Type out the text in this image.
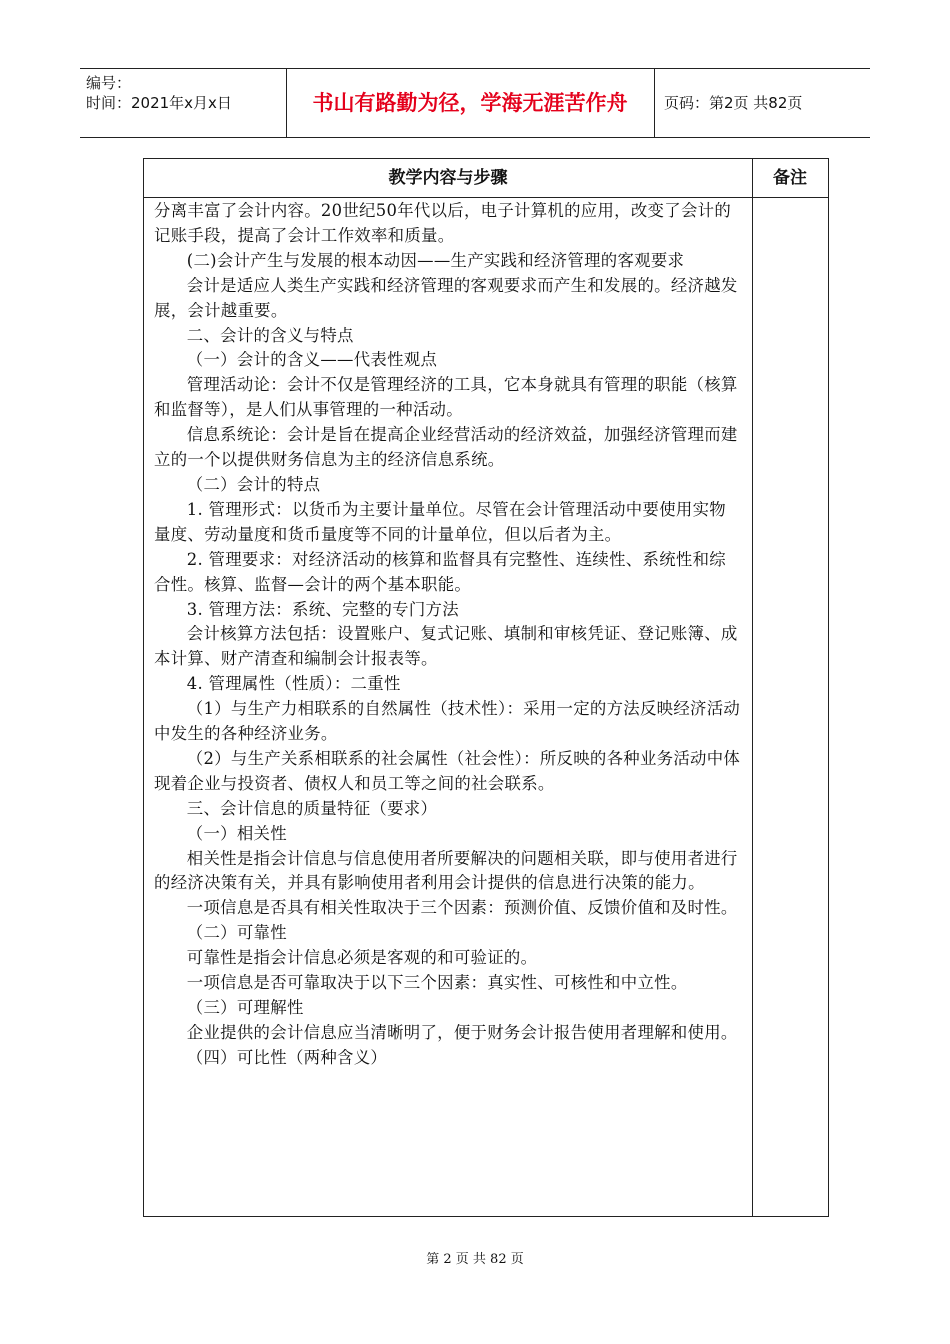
编号：
时间：2021年x月x日	书山有路勤为径，学海无涯苦作舟	页码：第2页 共82页
教学内容与步骤	备注

分离丰富了会计内容。20世纪50年代以后，电子计算机的应用，改变了会计的记账手段，提高了会计工作效率和质量。

(二)会计产生与发展的根本动因——生产实践和经济管理的客观要求

会计是适应人类生产实践和经济管理的客观要求而产生和发展的。经济越发展，会计越重要。

二、会计的含义与特点

（一）会计的含义——代表性观点

管理活动论：会计不仅是管理经济的工具，它本身就具有管理的职能（核算和监督等），是人们从事管理的一种活动。

信息系统论：会计是旨在提高企业经营活动的经济效益，加强经济管理而建立的一个以提供财务信息为主的经济信息系统。

（二）会计的特点

1. 管理形式：以货币为主要计量单位。尽管在会计管理活动中要使用实物量度、劳动量度和货币量度等不同的计量单位，但以后者为主。

2. 管理要求：对经济活动的核算和监督具有完整性、连续性、系统性和综合性。核算、监督—会计的两个基本职能。

3. 管理方法：系统、完整的专门方法

会计核算方法包括：设置账户、复式记账、填制和审核凭证、登记账簿、成本计算、财产清查和编制会计报表等。

4. 管理属性（性质）：二重性

（1）与生产力相联系的自然属性（技术性）：采用一定的方法反映经济活动中发生的各种经济业务。

（2）与生产关系相联系的社会属性（社会性）：所反映的各种业务活动中体现着企业与投资者、债权人和员工等之间的社会联系。

三、会计信息的质量特征（要求）

（一）相关性

相关性是指会计信息与信息使用者所要解决的问题相关联，即与使用者进行的经济决策有关，并具有影响使用者利用会计提供的信息进行决策的能力。

一项信息是否具有相关性取决于三个因素：预测价值、反馈价值和及时性。

（二）可靠性

可靠性是指会计信息必须是客观的和可验证的。

一项信息是否可靠取决于以下三个因素：真实性、可核性和中立性。

（三）可理解性

企业提供的会计信息应当清晰明了，便于财务会计报告使用者理解和使用。

（四）可比性（两种含义）

第 2 页 共 82 页
